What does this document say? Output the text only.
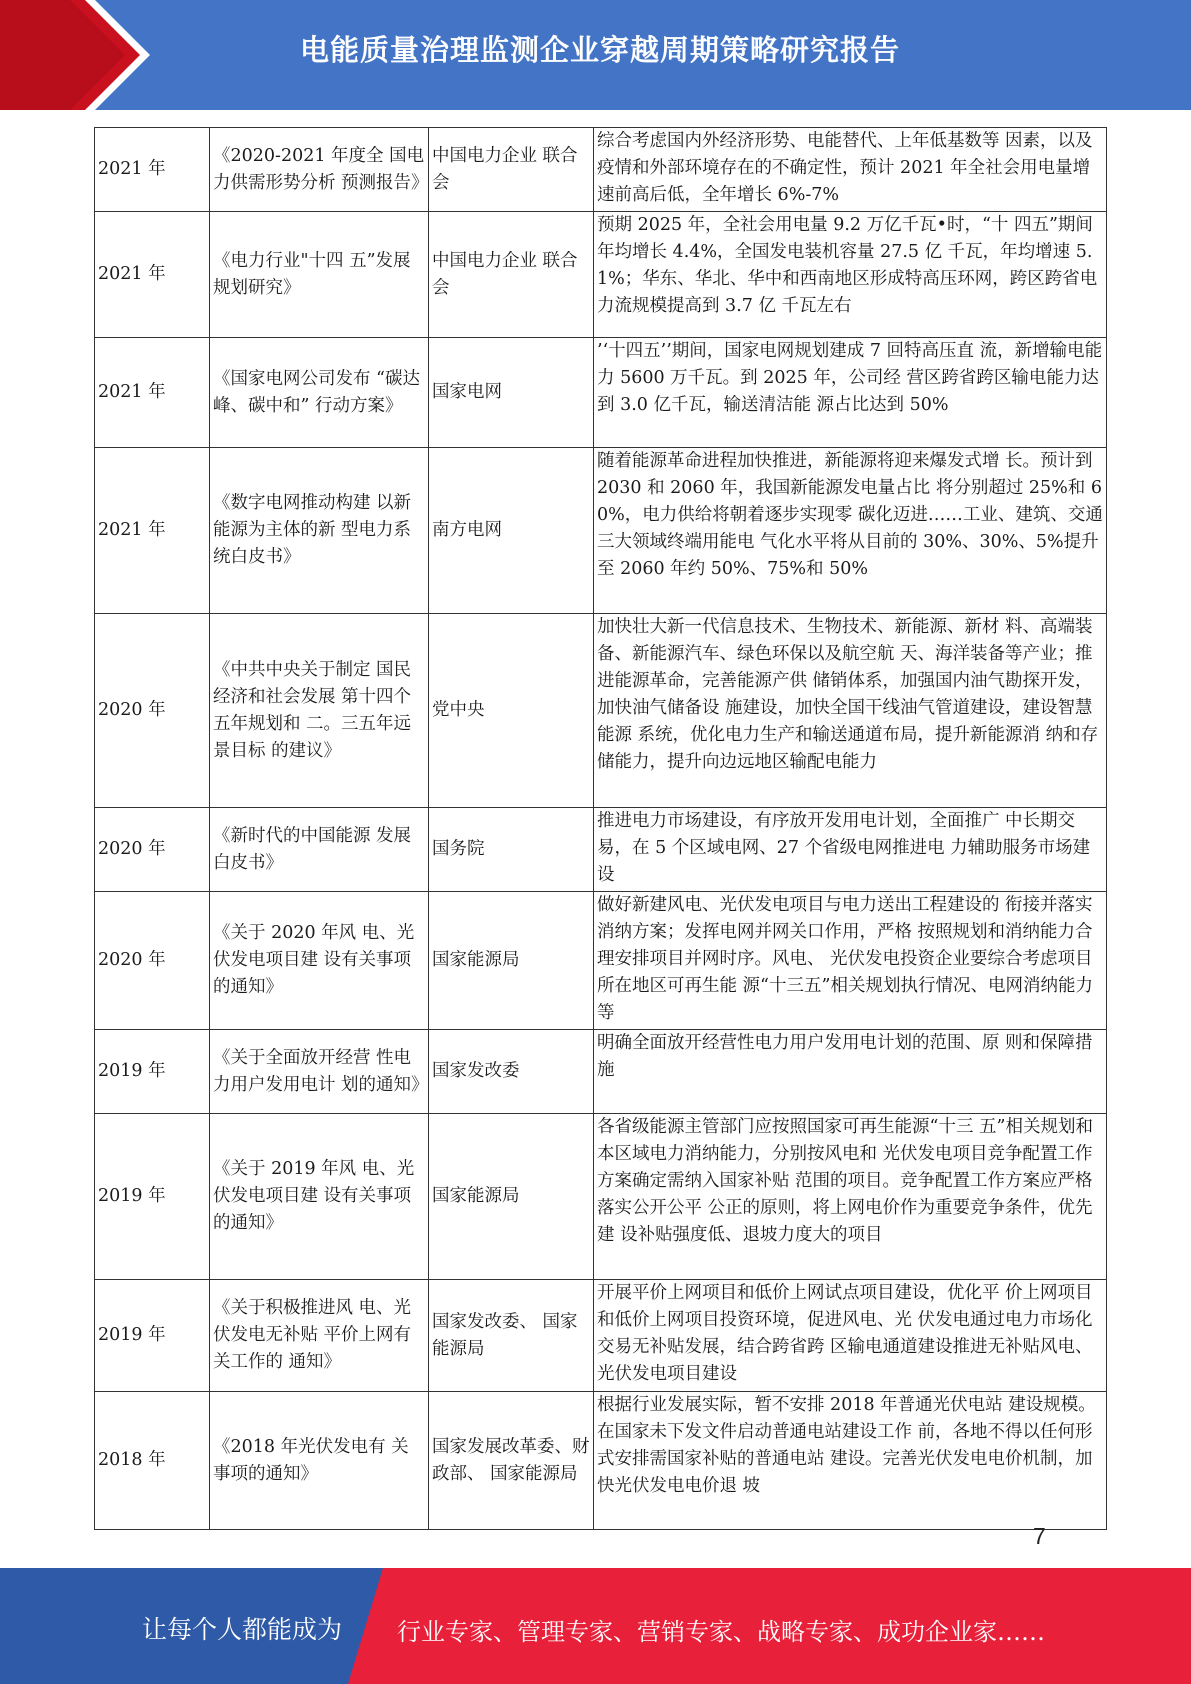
电能质量治理监测企业穿越周期策略研究报告
2021 年	《2020-2021 年度全 国电力供需形势分析 预测报告》	中国电力企业 联合会	综合考虑国内外经济形势、电能替代、上年低基数等 因素，以及疫情和外部环境存在的不确定性，预计 2021 年全社会用电量增速前高后低，全年增长 6%-7%
2021 年	《电力行业"十四 五”发展规划研究》	中国电力企业 联合会	预期 2025 年，全社会用电量 9.2 万亿千瓦•时，“十 四五”期间年均增长 4.4%，全国发电装机容量 27.5 亿 千瓦，年均增速 5.1%；华东、华北、华中和西南地区形成特高压环网，跨区跨省电力流规模提高到 3.7 亿 千瓦左右
2021 年	《国家电网公司发布 “碳达峰、碳中和” 行动方案》	国家电网	’‘十四五’’期间，国家电网规划建成 7 回特高压直 流，新增输电能力 5600 万千瓦。到 2025 年，公司经 营区跨省跨区输电能力达到 3.0 亿千瓦，输送清洁能 源占比达到 50%
2021 年	《数字电网推动构建 以新能源为主体的新 型电力系统白皮书》	南方电网	随着能源革命进程加快推进，新能源将迎来爆发式增 长。预计到 2030 和 2060 年，我国新能源发电量占比 将分别超过 25%和 60%，电力供给将朝着逐步实现零 碳化迈进……工业、建筑、交通三大领域终端用能电 气化水平将从目前的 30%、30%、5%提升至 2060 年约 50%、75%和 50%
2020 年	《中共中央关于制定 国民经济和社会发展 第十四个五年规划和 二。三五年远景目标 的建议》	党中央	加快壮大新一代信息技术、生物技术、新能源、新材 料、高端装备、新能源汽车、绿色环保以及航空航 天、海洋装备等产业；推进能源革命，完善能源产供 储销体系，加强国内油气勘探开发，加快油气储备设 施建设，加快全国干线油气管道建设，建设智慧能源 系统，优化电力生产和输送通道布局，提升新能源消 纳和存储能力，提升向边远地区输配电能力
2020 年	《新时代的中国能源 发展白皮书》	国务院	推进电力市场建设，有序放开发用电计划，全面推广 中长期交易，在 5 个区域电网、27 个省级电网推进电 力辅助服务市场建设
2020 年	《关于 2020 年风 电、光伏发电项目建 设有关事项的通知》	国家能源局	做好新建风电、光伏发电项目与电力送出工程建设的 衔接并落实消纳方案；发挥电网并网关口作用，严格 按照规划和消纳能力合理安排项目并网时序。风电、 光伏发电投资企业要综合考虑项目所在地区可再生能 源“十三五”相关规划执行情况、电网消纳能力等
2019 年	《关于全面放开经营 性电力用户发用电计 划的通知》	国家发改委	明确全面放开经营性电力用户发用电计划的范围、原 则和保障措施
2019 年	《关于 2019 年风 电、光伏发电项目建 设有关事项的通知》	国家能源局	各省级能源主管部门应按照国家可再生能源“十三 五”相关规划和本区域电力消纳能力，分别按风电和 光伏发电项目竞争配置工作方案确定需纳入国家补贴 范围的项目。竞争配置工作方案应严格落实公开公平 公正的原则，将上网电价作为重要竞争条件，优先建 设补贴强度低、退坡力度大的项目
2019 年	《关于积极推进风 电、光伏发电无补贴 平价上网有关工作的 通知》	国家发改委、 国家能源局	开展平价上网项目和低价上网试点项目建设，优化平 价上网项目和低价上网项目投资环境，促进风电、光 伏发电通过电力市场化交易无补贴发展，结合跨省跨 区输电通道建设推进无补贴风电、光伏发电项目建设
2018 年	《2018 年光伏发电有 关事项的通知》	国家发展改革委、财政部、 国家能源局	根据行业发展实际，暂不安排 2018 年普通光伏电站 建设规模。在国家未下发文件启动普通电站建设工作 前，各地不得以任何形式安排需国家补贴的普通电站 建设。完善光伏发电电价机制，加快光伏发电电价退 坡
7
让每个人都能成为 行业专家、管理专家、营销专家、战略专家、成功企业家……
